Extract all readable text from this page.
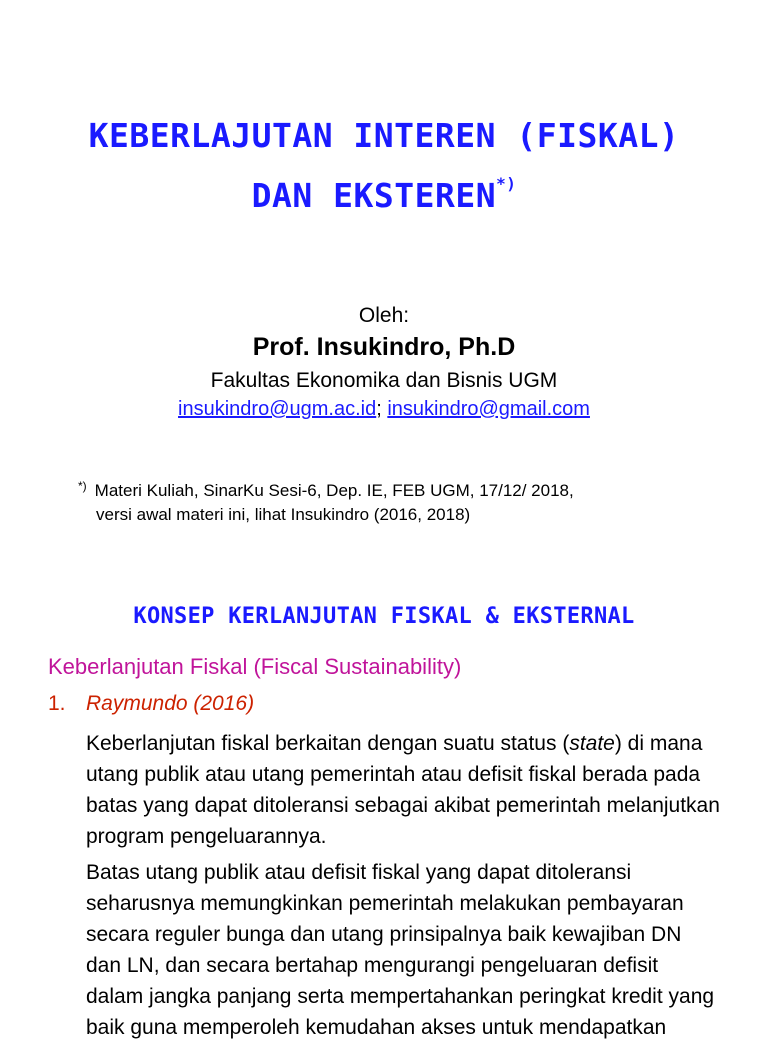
KEBERLAJUTAN INTEREN (FISKAL)
DAN EKSTEREN*)
Oleh:
Prof. Insukindro, Ph.D
Fakultas Ekonomika dan Bisnis UGM
insukindro@ugm.ac.id; insukindro@gmail.com
*) Materi Kuliah, SinarKu Sesi-6, Dep. IE, FEB UGM, 17/12/ 2018,
versi awal materi ini, lihat Insukindro (2016, 2018)
KONSEP KERLANJUTAN FISKAL & EKSTERNAL
Keberlanjutan Fiskal (Fiscal Sustainability)
1. Raymundo (2016)
Keberlanjutan fiskal berkaitan dengan suatu status (state) di mana
utang publik atau utang pemerintah atau defisit fiskal berada pada
batas yang dapat ditoleransi sebagai akibat pemerintah melanjutkan
program pengeluarannya.
Batas utang publik atau defisit fiskal yang dapat ditoleransi
seharusnya memungkinkan pemerintah melakukan pembayaran
secara reguler bunga dan utang prinsipalnya baik kewajiban DN
dan LN, dan secara bertahap mengurangi pengeluaran defisit
dalam jangka panjang serta mempertahankan peringkat kredit yang
baik guna memperoleh kemudahan akses untuk mendapatkan
